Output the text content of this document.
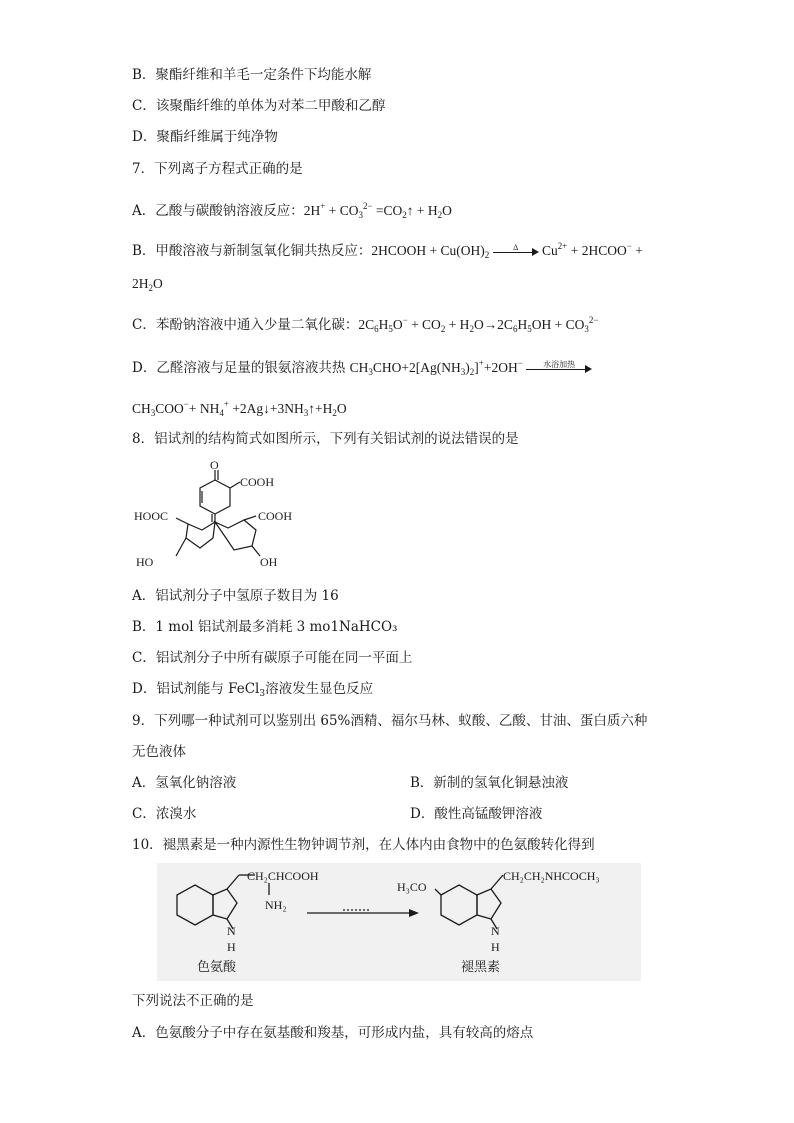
B．聚酯纤维和羊毛一定条件下均能水解
C．该聚酯纤维的单体为对苯二甲酸和乙醇
D．聚酯纤维属于纯净物
7．下列离子方程式正确的是
A．乙酸与碳酸钠溶液反应：$2H^+ + CO_3^{2-}$ $=CO_2↑ + H_2O$
B．甲酸溶液与新制氢氧化铜共热反应：2HCOOH + $Cu(OH)_2$
Δ	$Cu^{2+}$ + 2HCOO− +
$2H_2O$
C．苯酚钠溶液中通入少量二氧化碳：$2C_6H_5O^- + CO_2 + H_2O\to 2C_6H_5OH + CO_3^{2-}$
D．乙醛溶液与足量的银氨溶液共热 $CH_3CHO+2[Ag(NH_3)_2]^++2OH^-$	水浴加热
$CH_3COO^-+ NH_4^+$ $+2Ag↓+3NH_3↑+H_2O$
8．铝试剂的结构简式如图所示，下列有关铝试剂的说法错误的是
O
COOH
HOOC	COOH
HO	OH
A．铝试剂分子中氢原子数目为 16
B．1 mol 铝试剂最多消耗 3 mo1NaHCO₃
C．铝试剂分子中所有碳原子可能在同一平面上
D．铝试剂能与 FeCl$_3$溶液发生显色反应
9．下列哪一种试剂可以鉴别出 65%酒精、福尔马林、蚁酸、乙酸、甘油、蛋白质六种
无色液体
A．氢氧化钠溶液	B．新制的氢氧化铜悬浊液
C．浓溴水	D．酸性高锰酸钾溶液
10．褪黑素是一种内源性生物钟调节剂，在人体内由食物中的色氨酸转化得到
CH₂CHCOOH
NH₂
N
H
色氨酸
H₃CO
CH₂CH₂NHCOCH₃
N
H
褪黑素
下列说法不正确的是
A．色氨酸分子中存在氨基酸和羧基，可形成内盐，具有较高的熔点
